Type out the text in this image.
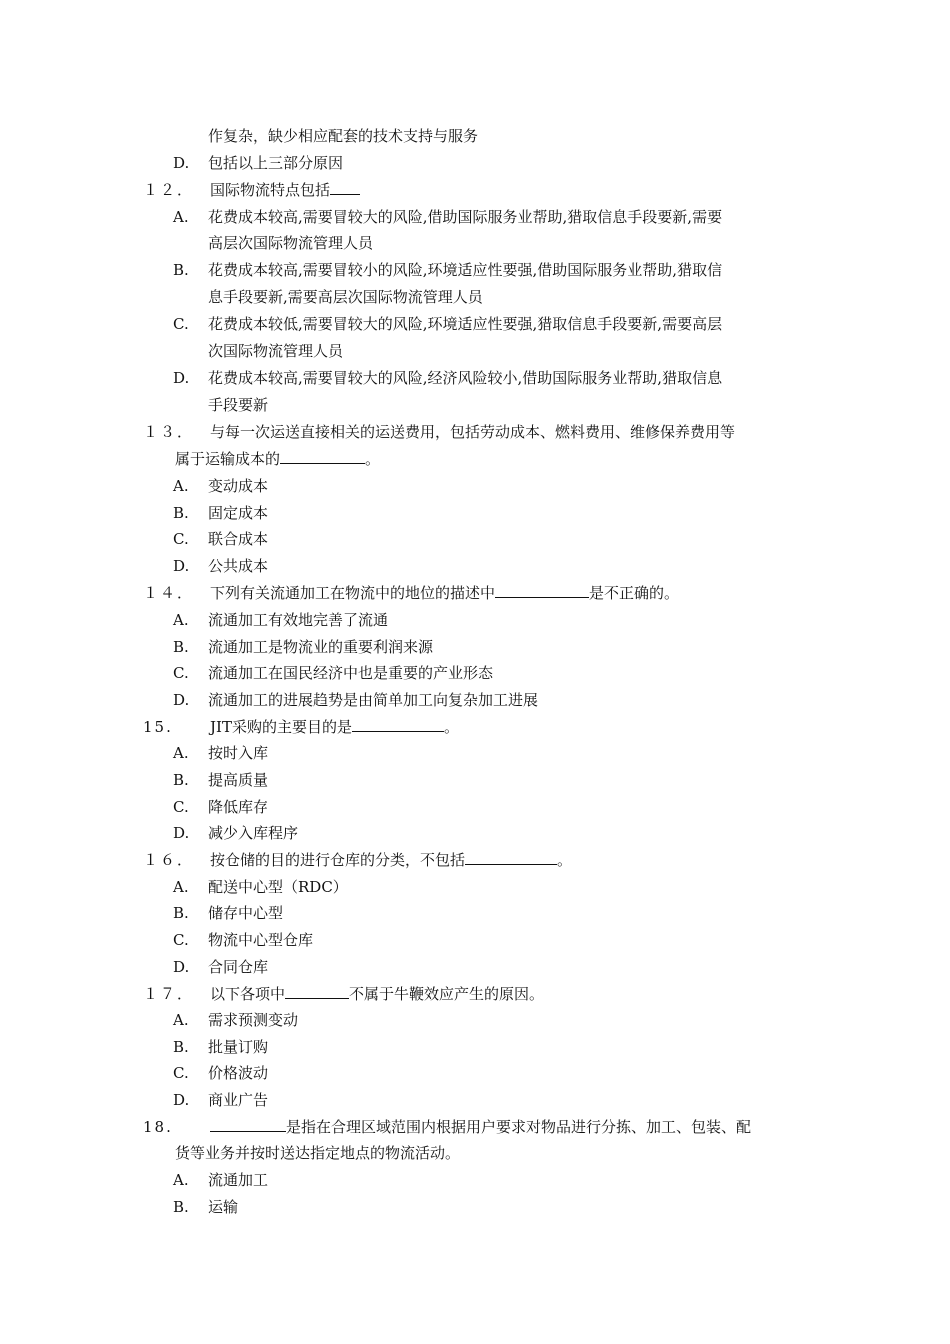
作复杂，缺少相应配套的技术支持与服务
D. 包括以上三部分原因
１２． 国际物流特点包括
A. 花费成本较高,需要冒较大的风险,借助国际服务业帮助,猎取信息手段要新,需要
高层次国际物流管理人员
B. 花费成本较高,需要冒较小的风险,环境适应性要强,借助国际服务业帮助,猎取信
息手段要新,需要高层次国际物流管理人员
C. 花费成本较低,需要冒较大的风险,环境适应性要强,猎取信息手段要新,需要高层
次国际物流管理人员
D. 花费成本较高,需要冒较大的风险,经济风险较小,借助国际服务业帮助,猎取信息
手段要新
１３． 与每一次运送直接相关的运送费用，包括劳动成本、燃料费用、维修保养费用等
属于运输成本的	。
A. 变动成本
B. 固定成本
C. 联合成本
D. 公共成本
１４． 下列有关流通加工在物流中的地位的描述中	是不正确的。
A. 流通加工有效地完善了流通
B. 流通加工是物流业的重要利润来源
C. 流通加工在国民经济中也是重要的产业形态
D. 流通加工的进展趋势是由简单加工向复杂加工进展
15. JIT采购的主要目的是	。
A. 按时入库
B. 提高质量
C. 降低库存
D. 减少入库程序
１６． 按仓储的目的进行仓库的分类，不包括	。
A. 配送中心型（RDC）
B. 储存中心型
C. 物流中心型仓库
D. 合同仓库
１７． 以下各项中	不属于牛鞭效应产生的原因。
A. 需求预测变动
B. 批量订购
C. 价格波动
D. 商业广告
18.	是指在合理区域范围内根据用户要求对物品进行分拣、加工、包装、配
货等业务并按时送达指定地点的物流活动。
A. 流通加工
B. 运输
